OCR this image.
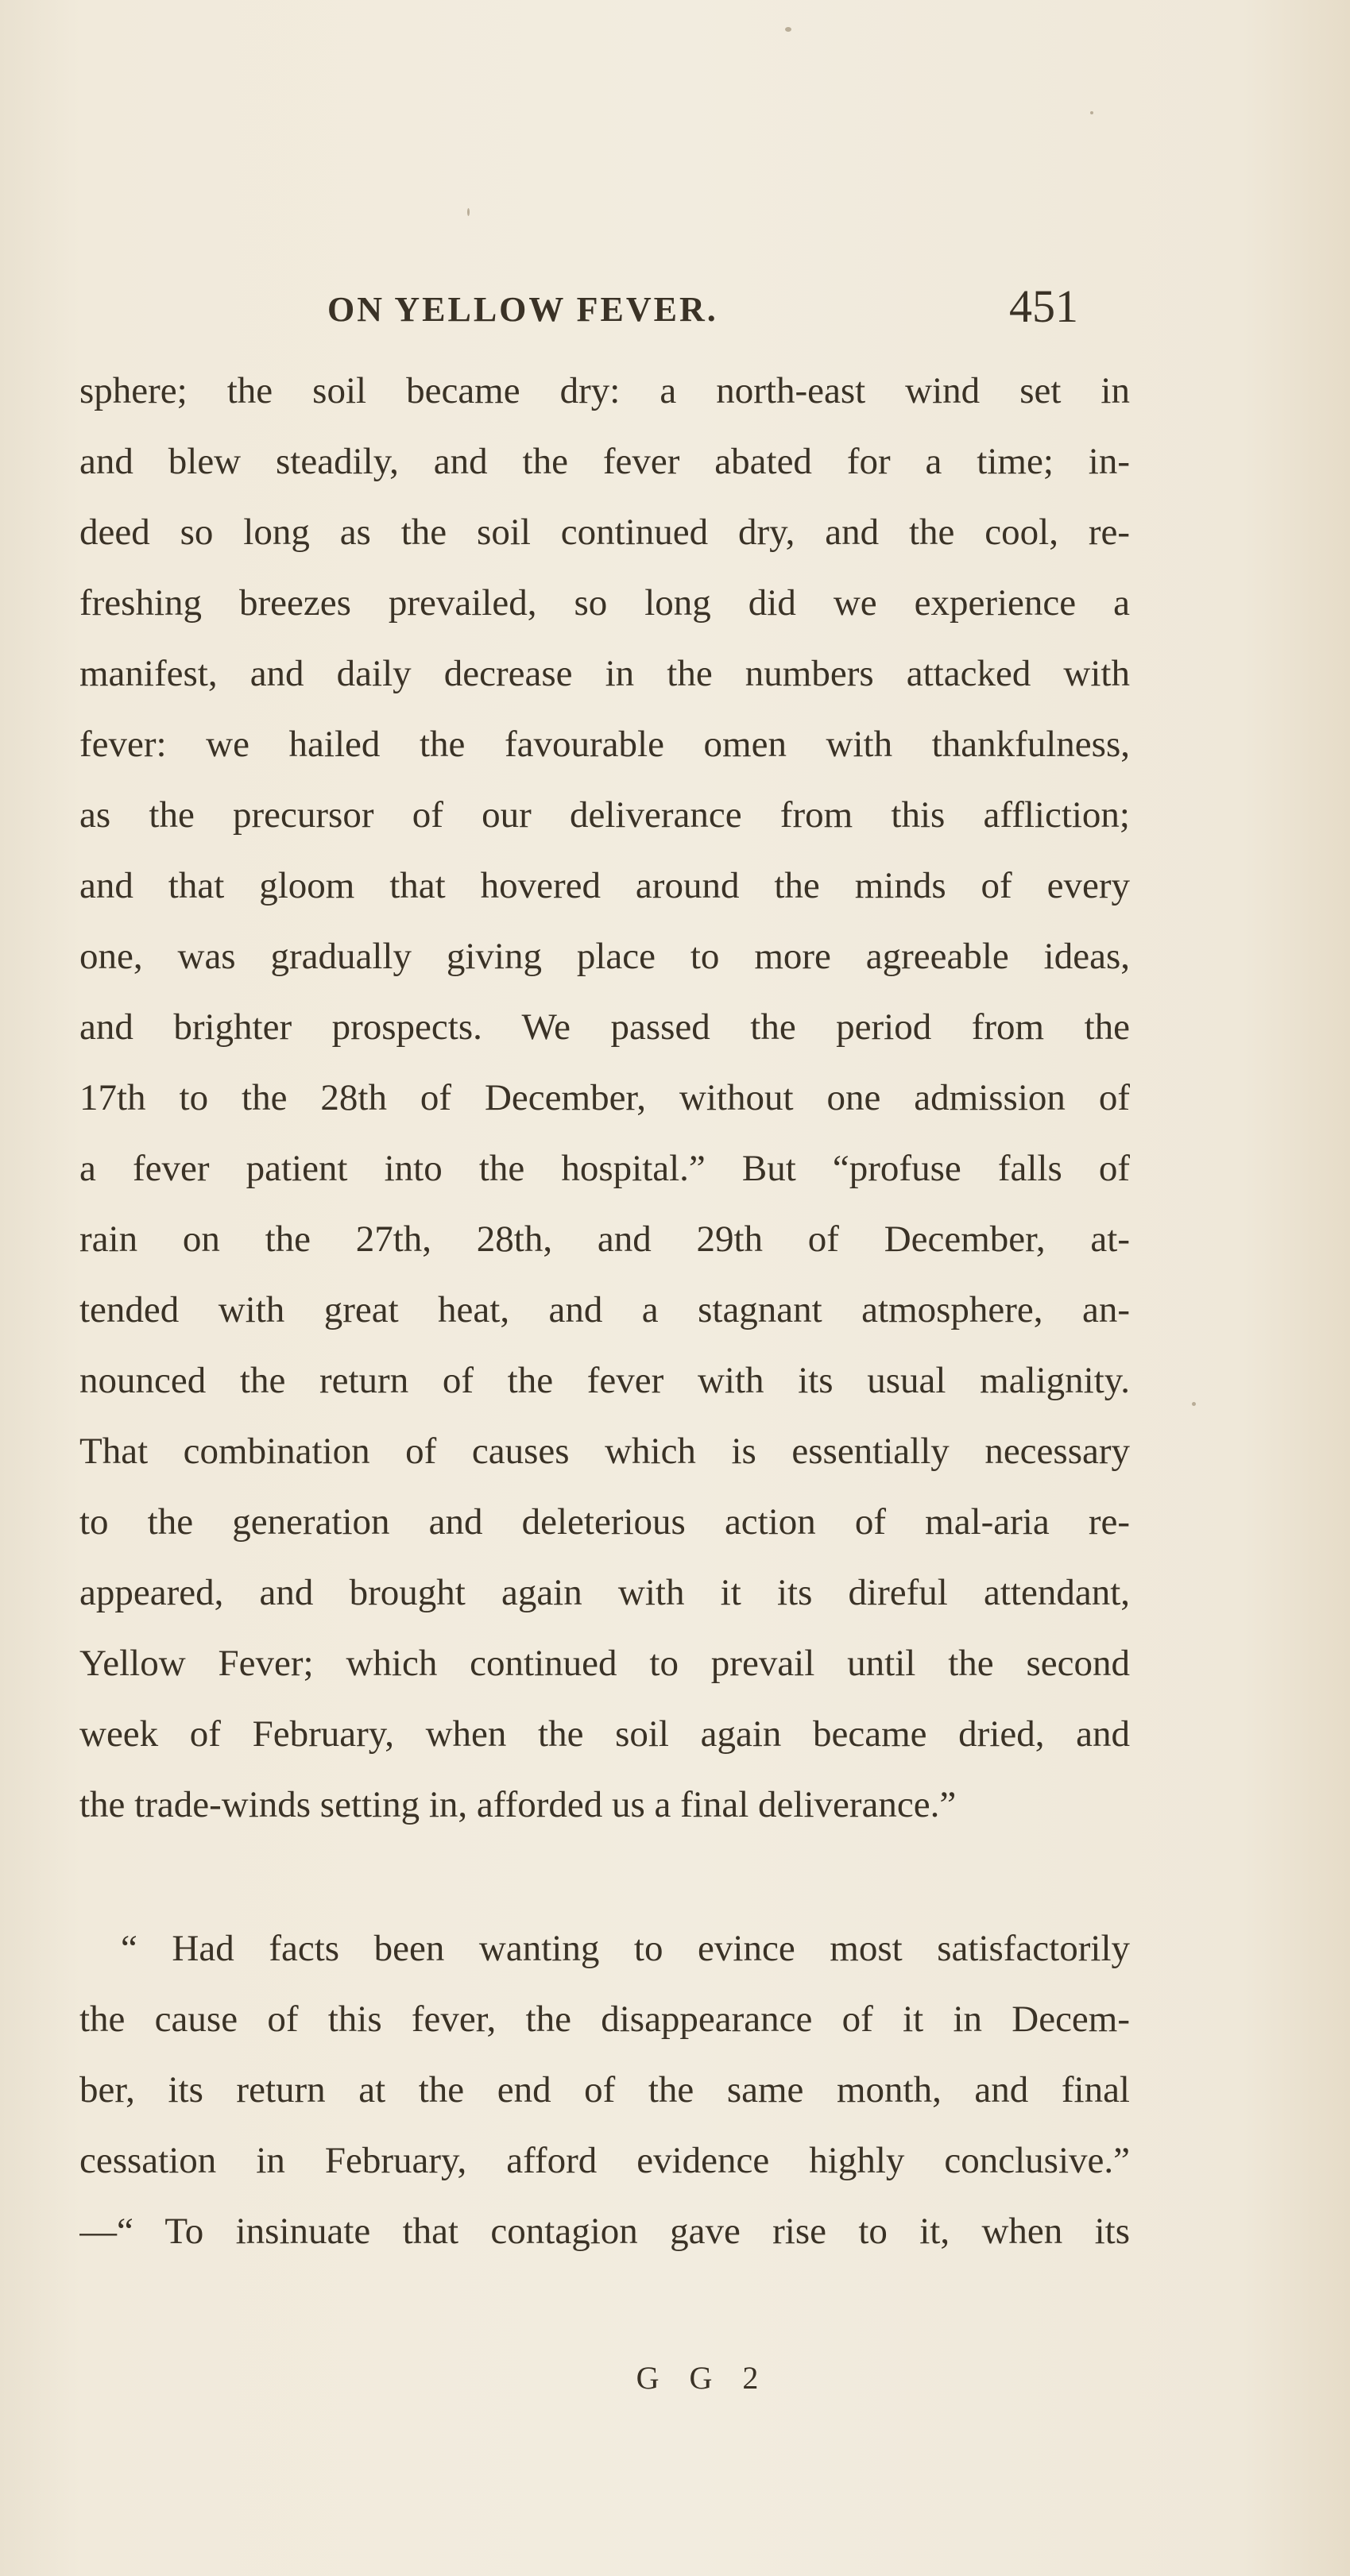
ON YELLOW FEVER.	451
sphere; the soil became dry: a north-east wind set in
and blew steadily, and the fever abated for a time; in-
deed so long as the soil continued dry, and the cool, re-
freshing breezes prevailed, so long did we experience a
manifest, and daily decrease in the numbers attacked with
fever: we hailed the favourable omen with thankfulness,
as the precursor of our deliverance from this affliction;
and that gloom that hovered around the minds of every
one, was gradually giving place to more agreeable ideas,
and brighter prospects. We passed the period from the
17th to the 28th of December, without one admission of
a fever patient into the hospital.” But “profuse falls of
rain on the 27th, 28th, and 29th of December, at-
tended with great heat, and a stagnant atmosphere, an-
nounced the return of the fever with its usual malignity.
That combination of causes which is essentially necessary
to the generation and deleterious action of mal-aria re-
appeared, and brought again with it its direful attendant,
Yellow Fever; which continued to prevail until the second
week of February, when the soil again became dried, and
the trade-winds setting in, afforded us a final deliverance.”
“ Had facts been wanting to evince most satisfactorily
the cause of this fever, the disappearance of it in Decem-
ber, its return at the end of the same month, and final
cessation in February, afford evidence highly conclusive.”
—“ To insinuate that contagion gave rise to it, when its
G G 2
